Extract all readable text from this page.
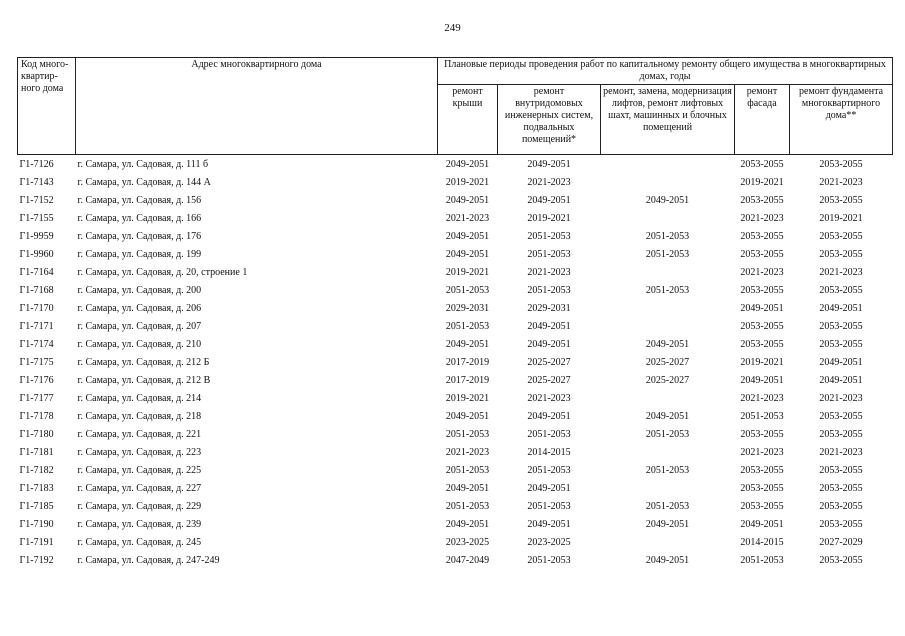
249
Код много-квартир-ного дома	Адрес многоквартирного дома	Плановые периоды проведения работ по капитальному ремонту общего имущества в многоквартирных домах, годы				
		ремонт крыши	ремонт внутридомовых инженерных систем, подвальных помещений*	ремонт, замена, модернизация лифтов, ремонт лифтовых шахт, машинных и блочных помещений	ремонт фасада	ремонт фундамента многоквартирного дома**
Г1-7126	г. Самара, ул. Садовая, д. 111 б	2049-2051	2049-2051		2053-2055	2053-2055
Г1-7143	г. Самара, ул. Садовая, д. 144 А	2019-2021	2021-2023		2019-2021	2021-2023
Г1-7152	г. Самара, ул. Садовая, д. 156	2049-2051	2049-2051	2049-2051	2053-2055	2053-2055
Г1-7155	г. Самара, ул. Садовая, д. 166	2021-2023	2019-2021		2021-2023	2019-2021
Г1-9959	г. Самара, ул. Садовая, д. 176	2049-2051	2051-2053	2051-2053	2053-2055	2053-2055
Г1-9960	г. Самара, ул. Садовая, д. 199	2049-2051	2051-2053	2051-2053	2053-2055	2053-2055
Г1-7164	г. Самара, ул. Садовая, д. 20, строение 1	2019-2021	2021-2023		2021-2023	2021-2023
Г1-7168	г. Самара, ул. Садовая, д. 200	2051-2053	2051-2053	2051-2053	2053-2055	2053-2055
Г1-7170	г. Самара, ул. Садовая, д. 206	2029-2031	2029-2031		2049-2051	2049-2051
Г1-7171	г. Самара, ул. Садовая, д. 207	2051-2053	2049-2051		2053-2055	2053-2055
Г1-7174	г. Самара, ул. Садовая, д. 210	2049-2051	2049-2051	2049-2051	2053-2055	2053-2055
Г1-7175	г. Самара, ул. Садовая, д. 212 Б	2017-2019	2025-2027	2025-2027	2019-2021	2049-2051
Г1-7176	г. Самара, ул. Садовая, д. 212 В	2017-2019	2025-2027	2025-2027	2049-2051	2049-2051
Г1-7177	г. Самара, ул. Садовая, д. 214	2019-2021	2021-2023		2021-2023	2021-2023
Г1-7178	г. Самара, ул. Садовая, д. 218	2049-2051	2049-2051	2049-2051	2051-2053	2053-2055
Г1-7180	г. Самара, ул. Садовая, д. 221	2051-2053	2051-2053	2051-2053	2053-2055	2053-2055
Г1-7181	г. Самара, ул. Садовая, д. 223	2021-2023	2014-2015		2021-2023	2021-2023
Г1-7182	г. Самара, ул. Садовая, д. 225	2051-2053	2051-2053	2051-2053	2053-2055	2053-2055
Г1-7183	г. Самара, ул. Садовая, д. 227	2049-2051	2049-2051		2053-2055	2053-2055
Г1-7185	г. Самара, ул. Садовая, д. 229	2051-2053	2051-2053	2051-2053	2053-2055	2053-2055
Г1-7190	г. Самара, ул. Садовая, д. 239	2049-2051	2049-2051	2049-2051	2049-2051	2053-2055
Г1-7191	г. Самара, ул. Садовая, д. 245	2023-2025	2023-2025		2014-2015	2027-2029
Г1-7192	г. Самара, ул. Садовая, д. 247-249	2047-2049	2051-2053	2049-2051	2051-2053	2053-2055
